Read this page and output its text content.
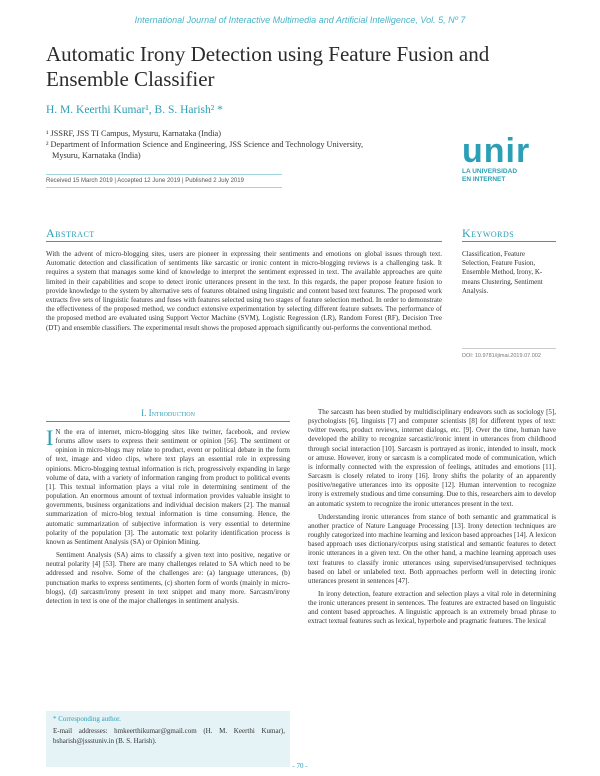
International Journal of Interactive Multimedia and Artificial Intelligence, Vol. 5, Nº 7
Automatic Irony Detection using Feature Fusion and Ensemble Classifier
H. M. Keerthi Kumar¹, B. S. Harish² *

¹ JSSRF, JSS TI Campus, Mysuru, Karnataka (India)

² Department of Information Science and Engineering, JSS Science and Technology University,

Mysuru, Karnataka (India)

Received 15 March 2019 | Accepted 12 June 2019 | Published 2 July 2019
unir
LA UNIVERSIDAD
EN INTERNET
Abstract

With the advent of micro-blogging sites, users are pioneer in expressing their sentiments and emotions on global issues through text. Automatic detection and classification of sentiments like sarcastic or ironic content in micro-blogging reviews is a challenging task. It requires a system that manages some kind of knowledge to interpret the sentiment expressed in text. The available approaches are quite limited in their capabilities and scope to detect ironic utterances present in the text. In this regards, the paper propose feature fusion to provide knowledge to the system by alternative sets of features obtained using linguistic and content based text features. The proposed work extracts five sets of linguistic features and fuses with features selected using two stages of feature selection method. In order to demonstrate the effectiveness of the proposed method, we conduct extensive experimentation by selecting different feature subsets. The performance of the proposed method are evaluated using Support Vector Machine (SVM), Logistic Regression (LR), Random Forest (RF), Decision Tree (DT) and ensemble classifiers. The experimental result shows the proposed approach significantly out-performs the conventional method.

Keywords

Classification, Feature Selection, Feature Fusion, Ensemble Method, Irony, K-means Clustering, Sentiment Analysis.

DOI: 10.9781/ijimai.2019.07.002
I. Introduction

I N the era of internet, micro-blogging sites like twitter, facebook, and review forums allow users to express their sentiment or opinion [56]. The sentiment or opinion in micro-blogs may relate to product, event or political debate in the form of text, image and video clips, where text plays an essential role in expressing opinions. Micro-blogging textual information is rich, progressively expanding in large volume of data, with a variety of information ranging from product to political events [1]. This textual information plays a vital role in determining sentiment of the population. An enormous amount of textual information provides valuable insight to governments, business organizations and individual decision makers [2]. The manual summarization of micro-blog textual information is time consuming. Hence, the automatic summarization of subjective information is very essential to determine polarity of the population [3]. The automatic text polarity identification process is known as Sentiment Analysis (SA) or Opinion Mining.

Sentiment Analysis (SA) aims to classify a given text into positive, negative or neutral polarity [4] [53]. There are many challenges related to SA which need to be addressed and resolve. Some of the challenges are: (a) language utterances, (b) punctuation marks to express sentiments, (c) shorten form of words (mainly in micro-blogs), (d) sarcasm/irony present in text snippet and many more. Sarcasm/irony detection in text is one of the major challenges in sentiment analysis.

The sarcasm has been studied by multidisciplinary endeavors such as sociology [5], psychologists [6], linguists [7] and computer scientists [8] for different types of text: twitter tweets, product reviews, internet dialogs, etc. [9]. Over the time, human have developed the ability to recognize sarcastic/ironic intent in utterances from childhood through social interaction [10]. Sarcasm is portrayed as ironic, intended to insult, mock or amuse. However, irony or sarcasm is a complicated mode of communication, which is informally connected with the expression of feelings, attitudes and emotions [11]. Sarcasm is closely related to irony [16]. Irony shifts the polarity of an apparently positive/negative utterances into its opposite [12]. Human intervention to recognize irony is extremely studious and time consuming. Due to this, researchers aim to develop an automatic system to recognize the ironic utterances present in the text.

Understanding ironic utterances from stance of both semantic and grammatical is another practice of Nature Language Processing [13]. Irony detection techniques are roughly categorized into machine learning and lexicon based approaches [14]. A lexicon based approach uses dictionary/corpus using statistical and semantic features to detect ironic utterances in a given text. On the other hand, a machine learning approach uses text features to classify ironic utterances using supervised/unsupervised techniques based on label or unlabeled text. Both approaches perform well in detecting ironic utterances present in sentences [47].

In irony detection, feature extraction and selection plays a vital role in determining the ironic utterances present in sentences. The features are extracted based on linguistic and content based approaches. A linguistic approach is an extremely broad phrase to extract textual features such as lexical, hyperbole and pragmatic features. The lexical

* Corresponding author.
E-mail addresses: hmkeerthikumar@gmail.com (H. M. Keerthi Kumar), bsharish@jssstuniv.in (B. S. Harish).
- 70 -
